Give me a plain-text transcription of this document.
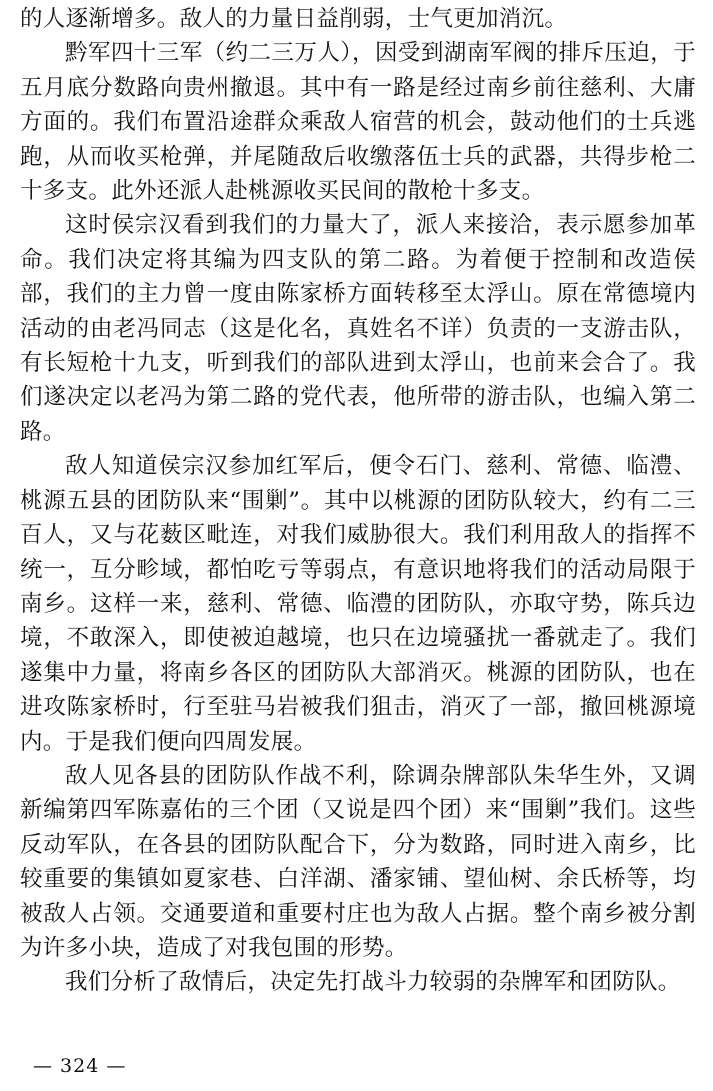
的人逐渐增多。敌人的力量日益削弱，士气更加消沉。

黔军四十三军（约二三万人），因受到湖南军阀的排斥压迫，于五月底分数路向贵州撤退。其中有一路是经过南乡前往慈利、大庸方面的。我们布置沿途群众乘敌人宿营的机会，鼓动他们的士兵逃跑，从而收买枪弹，并尾随敌后收缴落伍士兵的武器，共得步枪二十多支。此外还派人赴桃源收买民间的散枪十多支。

这时侯宗汉看到我们的力量大了，派人来接洽，表示愿参加革命。我们决定将其编为四支队的第二路。为着便于控制和改造侯部，我们的主力曾一度由陈家桥方面转移至太浮山。原在常德境内活动的由老冯同志（这是化名，真姓名不详）负责的一支游击队，有长短枪十九支，听到我们的部队进到太浮山，也前来会合了。我们遂决定以老冯为第二路的党代表，他所带的游击队，也编入第二路。

敌人知道侯宗汉参加红军后，便令石门、慈利、常德、临澧、桃源五县的团防队来“围剿”。其中以桃源的团防队较大，约有二三百人，又与花薮区毗连，对我们威胁很大。我们利用敌人的指挥不统一，互分畛域，都怕吃亏等弱点，有意识地将我们的活动局限于南乡。这样一来，慈利、常德、临澧的团防队，亦取守势，陈兵边境，不敢深入，即使被迫越境，也只在边境骚扰一番就走了。我们遂集中力量，将南乡各区的团防队大部消灭。桃源的团防队，也在进攻陈家桥时，行至驻马岩被我们狙击，消灭了一部，撤回桃源境内。于是我们便向四周发展。

敌人见各县的团防队作战不利，除调杂牌部队朱华生外，又调新编第四军陈嘉佑的三个团（又说是四个团）来“围剿”我们。这些反动军队，在各县的团防队配合下，分为数路，同时进入南乡，比较重要的集镇如夏家巷、白洋湖、潘家铺、望仙树、余氏桥等，均被敌人占领。交通要道和重要村庄也为敌人占据。整个南乡被分割为许多小块，造成了对我包围的形势。

我们分析了敌情后，决定先打战斗力较弱的杂牌军和团防队。

— 324 —
